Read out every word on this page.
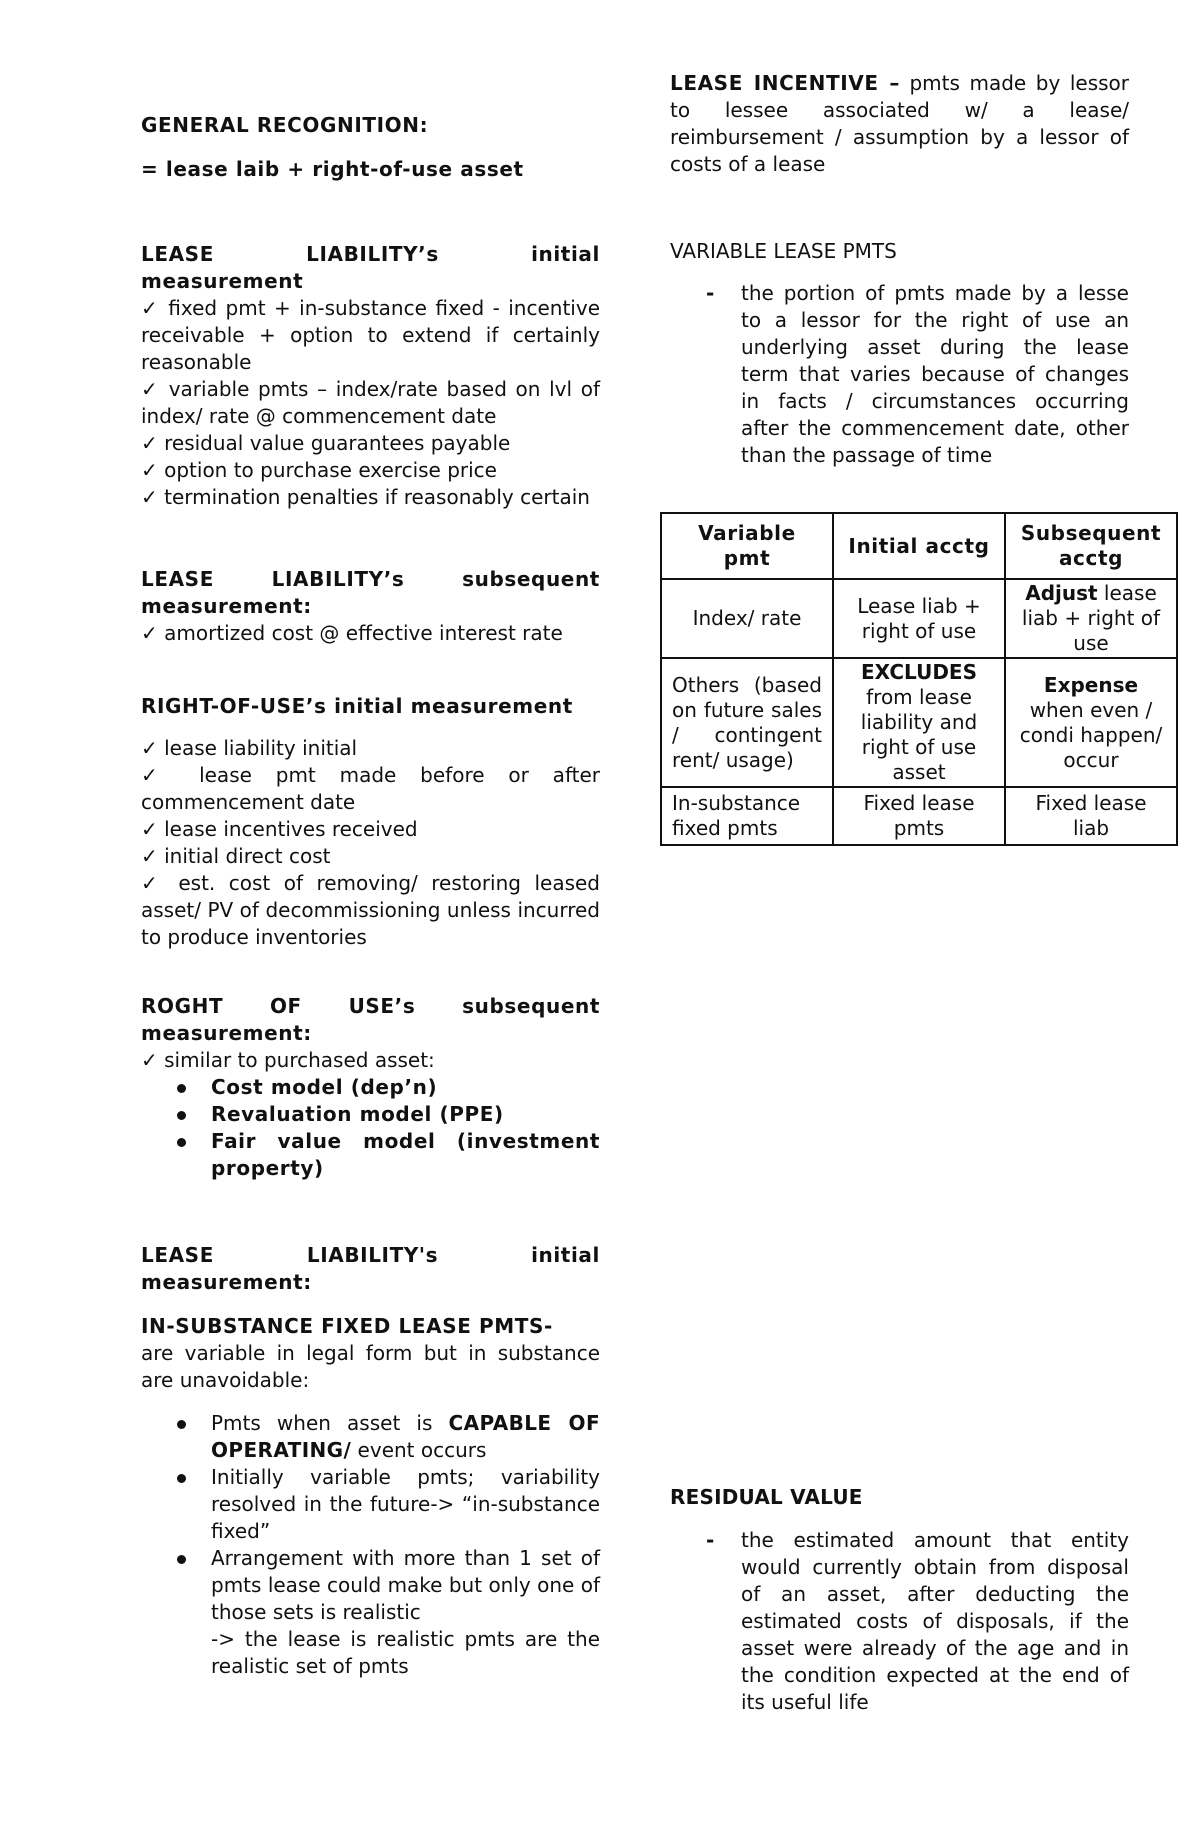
GENERAL RECOGNITION:

= lease laib + right-of-use asset

LEASE	LIABILITY’s	initial

measurement

✓ fixed pmt + in-substance fixed - incentive receivable + option to extend if certainly reasonable

✓ variable pmts – index/rate based on lvl of index/ rate @ commencement date

✓ residual value guarantees payable

✓ option to purchase exercise price

✓ termination penalties if reasonably certain

LEASE	LIABILITY’s	subsequent

measurement:

✓ amortized cost @ effective interest rate

RIGHT-OF-USE’s initial measurement

✓ lease liability initial

✓ lease pmt made before or after commencement date

✓ lease incentives received

✓ initial direct cost

✓ est. cost of removing/ restoring leased asset/ PV of decommissioning unless incurred to produce inventories

ROGHT OF USE’s subsequent

measurement:

✓ similar to purchased asset:

Cost model (dep’n)
Revaluation model (PPE)
Fair value model (investment property)

LEASE	LIABILITY's	initial

measurement:

IN-SUBSTANCE FIXED LEASE PMTS-

are variable in legal form but in substance are unavoidable:

Pmts when asset is CAPABLE OF OPERATING/ event occurs
Initially variable pmts; variability resolved in the future-> “in-substance fixed”
Arrangement with more than 1 set of pmts lease could make but only one of those sets is realistic
-> the lease is realistic pmts are the realistic set of pmts

LEASE INCENTIVE – pmts made by lessor to lessee associated w/ a lease/ reimbursement / assumption by a lessor of costs of a lease

VARIABLE LEASE PMTS

- the portion of pmts made by a lesse to a lessor for the right of use an underlying asset during the lease term that varies because of changes in facts / circumstances occurring after the commencement date, other than the passage of time
Variable pmt	Initial acctg	Subsequent acctg
Index/ rate	Lease liab + right of use	Adjust lease liab + right of use
Others (based on future sales / contingent rent/ usage)	EXCLUDES from lease liability and right of use asset	Expense when even / condi happen/ occur
In-substance fixed pmts	Fixed lease pmts	Fixed lease liab

RESIDUAL VALUE

- the estimated amount that entity would currently obtain from disposal of an asset, after deducting the estimated costs of disposals, if the asset were already of the age and in the condition expected at the end of its useful life
